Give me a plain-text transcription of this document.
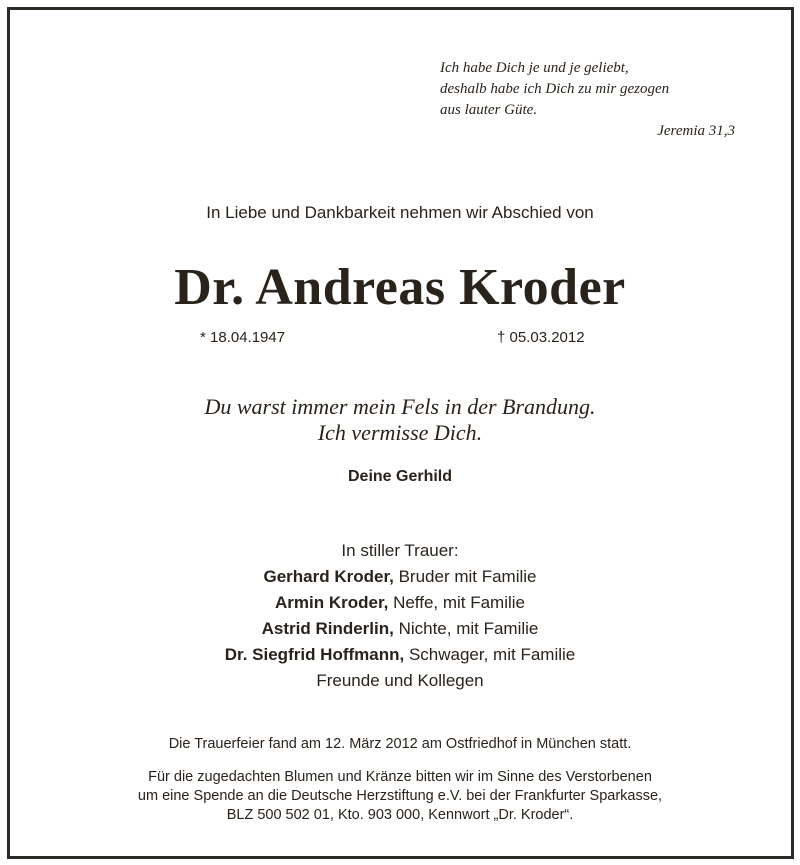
Ich habe Dich je und je geliebt,
deshalb habe ich Dich zu mir gezogen
aus lauter Güte.
Jeremia 31,3
In Liebe und Dankbarkeit nehmen wir Abschied von
Dr. Andreas Kroder
* 18.04.1947	† 05.03.2012
Du warst immer mein Fels in der Brandung.
Ich vermisse Dich.
Deine Gerhild
In stiller Trauer:
Gerhard Kroder, Bruder mit Familie
Armin Kroder, Neffe, mit Familie
Astrid Rinderlin, Nichte, mit Familie
Dr. Siegfrid Hoffmann, Schwager, mit Familie
Freunde und Kollegen
Die Trauerfeier fand am 12. März 2012 am Ostfriedhof in München statt.
Für die zugedachten Blumen und Kränze bitten wir im Sinne des Verstorbenen
um eine Spende an die Deutsche Herzstiftung e.V. bei der Frankfurter Sparkasse,
BLZ 500 502 01, Kto. 903 000, Kennwort „Dr. Kroder“.
